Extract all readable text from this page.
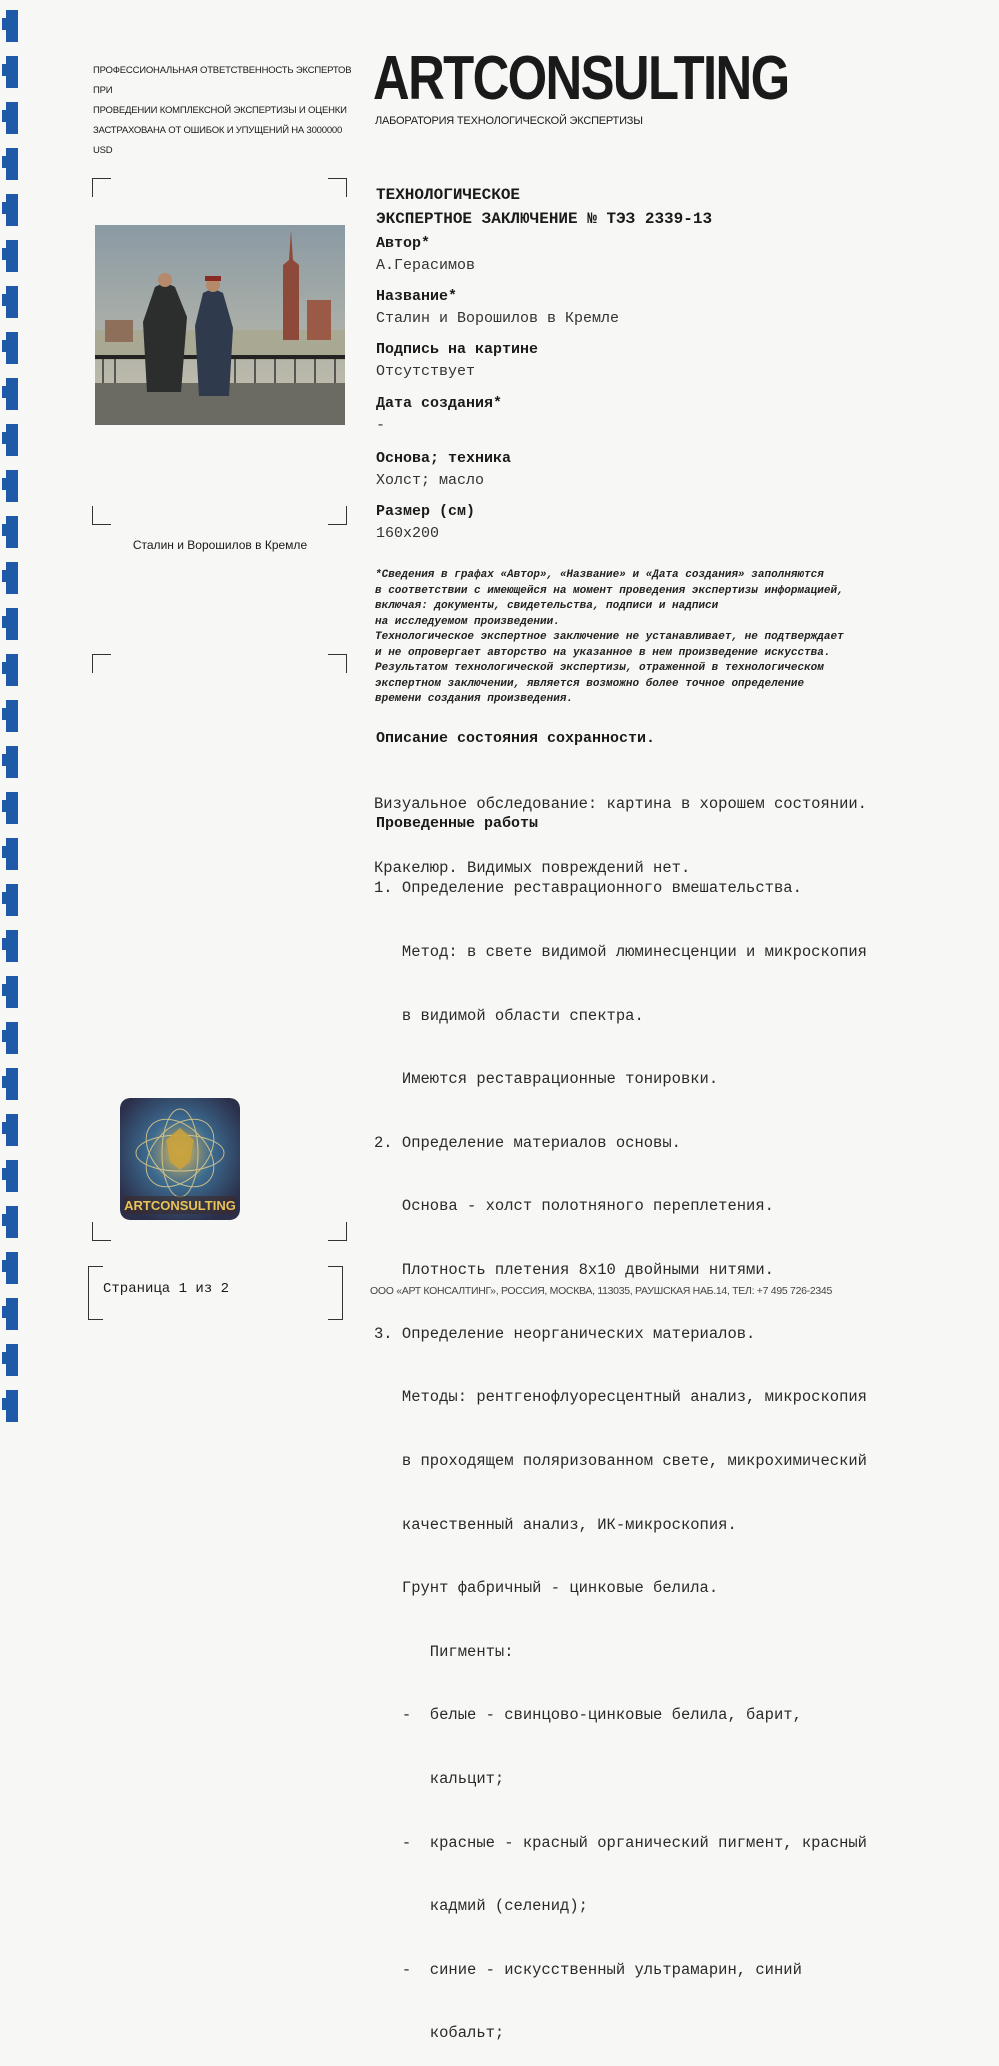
ПРОФЕССИОНАЛЬНАЯ ОТВЕТСТВЕННОСТЬ ЭКСПЕРТОВ ПРИ
ПРОВЕДЕНИИ КОМПЛЕКСНОЙ ЭКСПЕРТИЗЫ И ОЦЕНКИ
ЗАСТРАХОВАНА ОТ ОШИБОК И УПУЩЕНИЙ НА 3000000 USD
ARTCONSULTING
ЛАБОРАТОРИЯ ТЕХНОЛОГИЧЕСКОЙ ЭКСПЕРТИЗЫ
Сталин и Ворошилов в Кремле
ТЕХНОЛОГИЧЕСКОЕ
ЭКСПЕРТНОЕ ЗАКЛЮЧЕНИЕ № ТЭЗ 2339-13
Автор*
А.Герасимов
Название*
Сталин и Ворошилов в Кремле
Подпись на картине
Отсутствует
Дата создания*
-
Основа; техника
Холст; масло
Размер (см)
160х200

*Сведения в графах «Автор», «Название» и «Дата создания» заполняются

в соответствии с имеющейся на момент проведения экспертизы информацией,

включая: документы, свидетельства, подписи и надписи

на исследуемом произведении.

Технологическое экспертное заключение не устанавливает, не подтверждает

и не опровергает авторство на указанное в нем произведение искусства.

Результатом технологической экспертизы, отраженной в технологическом

экспертном заключении, является возможно более точное определение

времени создания произведения.

Описание состояния сохранности.

Визуальное обследование: картина в хорошем состоянии.

Кракелюр. Видимых повреждений нет.

Проведенные работы

1. Определение реставрационного вмешательства.

Метод: в свете видимой люминесценции и микроскопия

в видимой области спектра.

Имеются реставрационные тонировки.

2. Определение материалов основы.

Основа - холст полотняного переплетения.

Плотность плетения 8х10 двойными нитями.

3. Определение неорганических материалов.

Методы: рентгенофлуоресцентный анализ, микроскопия

в проходящем поляризованном свете, микрохимический

качественный анализ, ИК-микроскопия.

Грунт фабричный - цинковые белила.

Пигменты:

-  белые - свинцово-цинковые белила, барит,

кальцит;

-  красные - красный органический пигмент, красный

кадмий (селенид);

-  синие - искусственный ультрамарин, синий

кобальт;

ARTCONSULTING
Страница 1 из 2	ООО «АРТ КОНСАЛТИНГ», РОССИЯ, МОСКВА, 113035, РАУШСКАЯ НАБ.14, ТЕЛ: +7 495 726-2345
